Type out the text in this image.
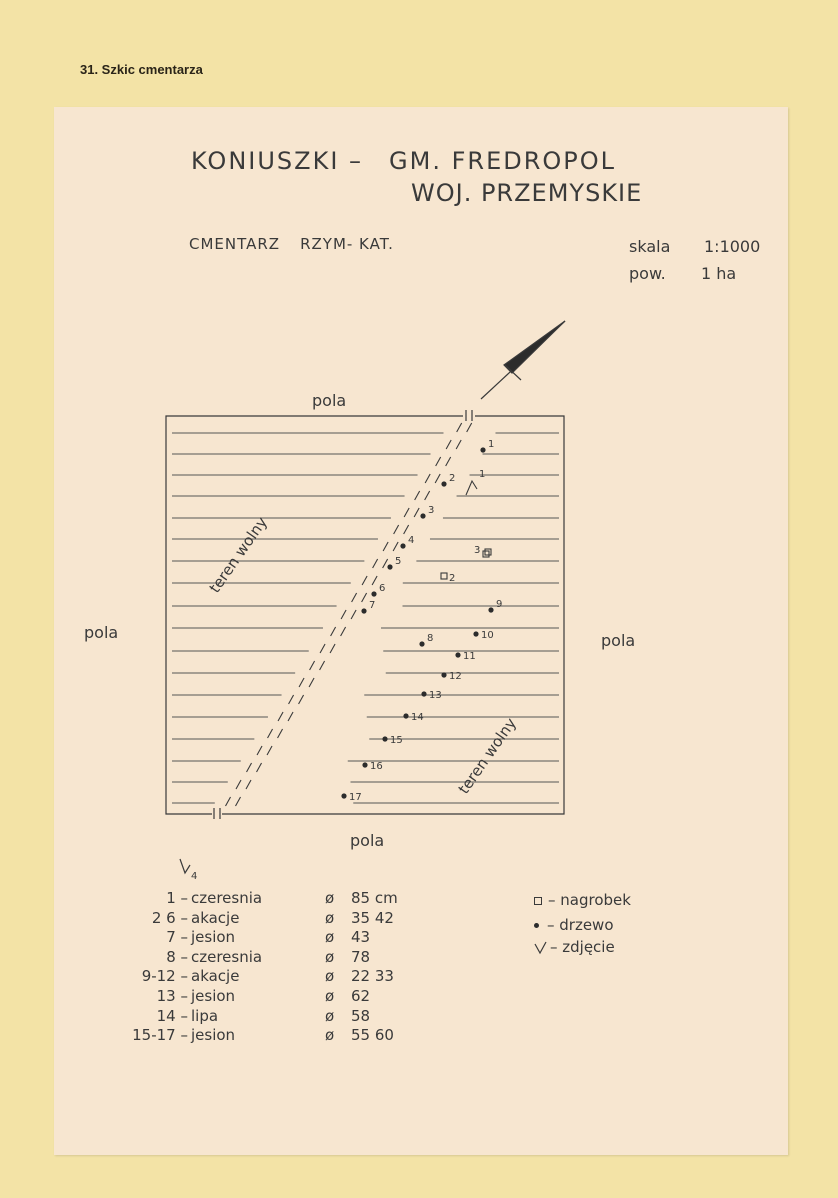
31. Szkic cmentarza
KONIUSZKI – GM. FREDROPOL
WOJ. PRZEMYSKIE
CMENTARZ RZYM- KAT.	skala 1:1000
pow. 1 ha
pola
pola	pola
pola
1
2
3
4
5
6
7
8
9
10
11
12
13
14
15
16
17
2
3
1
teren wolny
teren wolny
4
1 – czeresnia	ø 85 cm
2 6 – akacje	ø 35 42
7 – jesion	ø 43
8 – czeresnia	ø 78
9-12 – akacje	ø 22 33
13 – jesion	ø 62
14 – lipa	ø 58
15-17 – jesion	ø 55 60
– nagrobek
– drzewo
– zdjęcie
